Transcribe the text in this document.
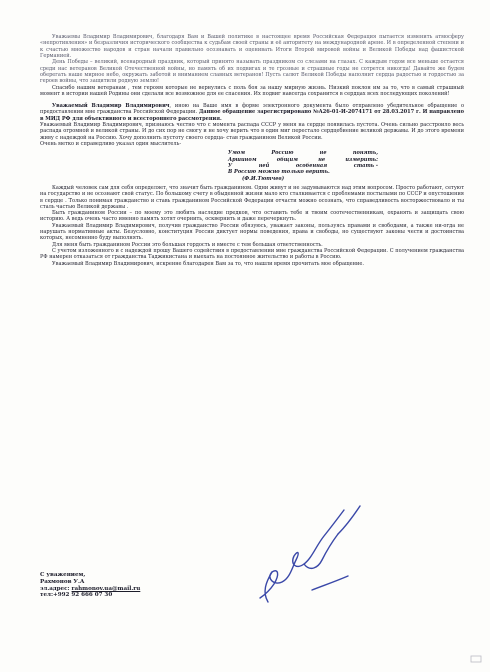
Уважаемы Владимир Владимирович, благодаря Вам и Вашей политике в настоящее время Российская Федерация пытается изменить атмосферу «непротивления» и безразличия исторического сообщества к судьбам своей страны и её авторитету на международной арене. И в определенной степени и к счастью множество народов и стран начали правильно осознавать и оценивать Итоги Второй мировой войны и Великой Победы над фашистской Германией.

День Победы – великий, всенародный праздник, который принято называть праздником со слезами на глазах. С каждым годом все меньше остается среди нас ветеранов Великой Отечественной войны, но память об их подвигах и те грозные и страшные годы не сотрется никогда! Давайте же будем оберегать наше мирное небо, окружать заботой и вниманием славных ветеранов! Пусть салют Великой Победы наполнит сердца радостью и гордостью за героев войны, что защитили родную землю!

Спасибо нашим ветеранам , тем героям которые не вернулись с поль боя за нашу мирную жизнь. Низкий поклон им за то, что в самый страшный момент в истории нашей Родины они сделали все возможное для ее спасения. Их подвиг навсегда сохранится в сердцах всех последующих поколений!

Уважаемый Владимир Владимирович, иною на Ваше имя в форме электронного документа было отправлено убедительное обращение о предоставлении мне гражданства Российской Федерации. Данное обращение зарегистрировано №А26-01-И-2074171 от 28.03.2017 г. И направлено в МИД РФ для объективного и всестороннего рассмотрения.

Уважаемый Владимир Владимирович, признаюсь честно что с момента распада СССР у меня на сердце появилась пустота. Очень сильно расстроило весь распада огромной и великой страны. И до сих пор не смогу и не хочу верить что в один миг перестало сердцебиение великой державы. И до этого времени живу с надеждой на Россию. Хочу дополнить пустоту своего сердца- став гражданином Великой России.

Очень метко и справедливо указал один мыслитель-

Умом	Россию	не	понять,
Аршином	общим	не	измерить:
У	ней	особенная	стать -
В Россию можно только верить.
(Ф.И.Тютчев)

Каждый человек сам для себя определяет, что значит быть гражданином. Одни живут и не задумываются над этим вопросом. Просто работают, сетуют на государство и не осознают свой статус. По большому счету в обыденной жизни мало кто сталкивается с проблемами постылыми по СССР и опустошения в сердце . Только понимая гражданство и ставь гражданином Российской Федерации отчасти можно осознать, что справедливость восторжествовало и ты сталь частью Великой державы .

Быть гражданином России – по моему это любить наследие предков, что оставить тебе и твоим соотечественникам, охранять и защищать свою историю. А ведь очень часто именно память хотят очернить, осквернить и даже перечеркнуть.

Уважаемый Владимир Владимирович, получив гражданство России обязуюсь, уважает законы, пользуясь правами и свободами, а также ни-огда не нарушать нормативные акты. Безусловно, конституция России диктует нормы поведения, права и свободы, но существуют законы чести и достоинства которых, несомненно буду выполнять.

Для меня быть гражданином России это большая гордость и вместе с тем большая ответственность.

С учетом изложенного и с надеждой прошу Вашего содействия в предоставлении мне гражданства Российской Федерации. С получением гражданства РФ намерен отказаться от гражданства Таджикистана и выехать на постоянное жительство и работы в Россию.

Уважаемый Владимир Владимирович, искренне благодарен Вам за то, что нашли время прочитать мое обращение.

С уважением,
Рахмонов У.А
эл.адрес: rahmonov.ua@mail.ru
тел:+992 92 666 07 30
